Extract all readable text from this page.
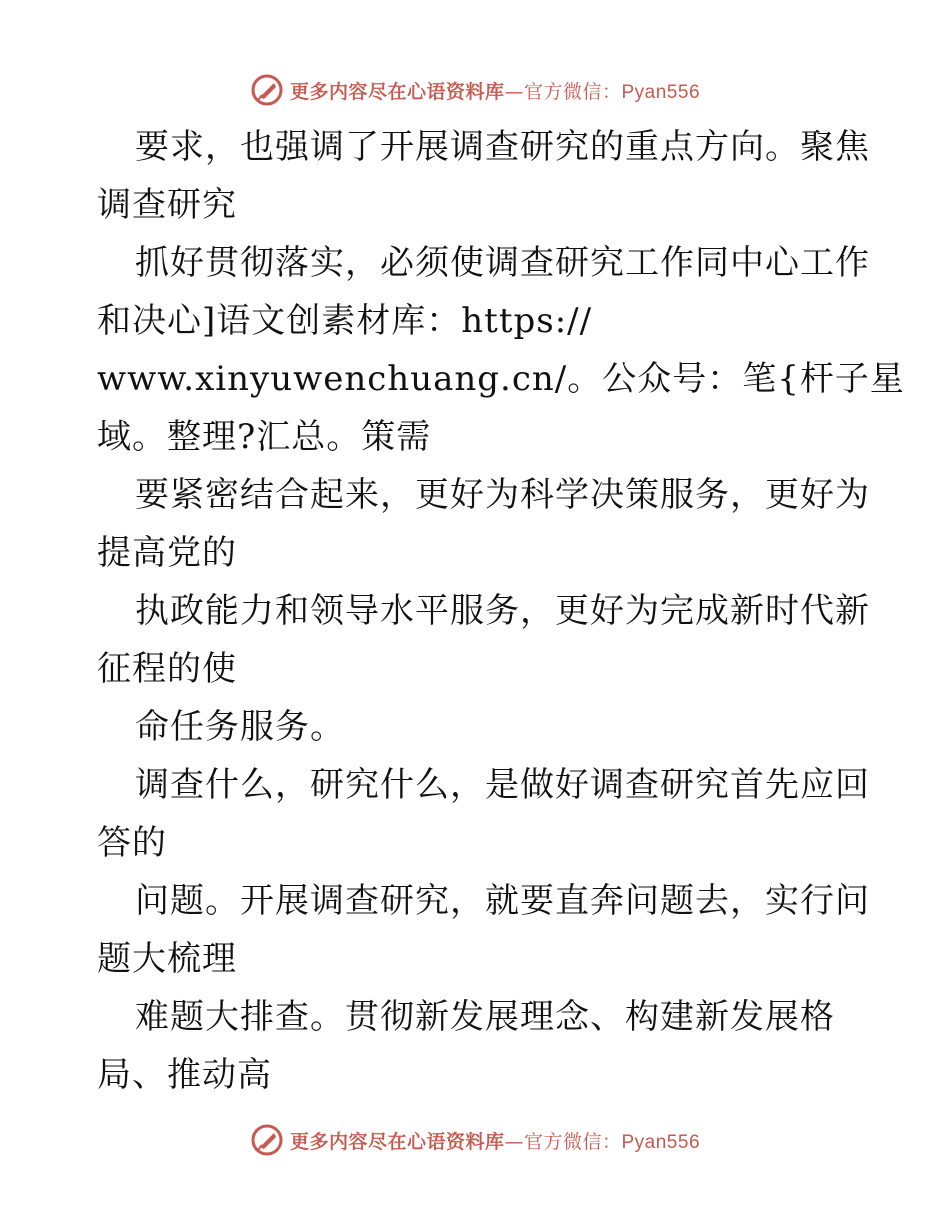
更多内容尽在心语资料库—官方微信：Pyan556
要求，也强调了开展调查研究的重点方向。聚焦
调查研究
抓好贯彻落实，必须使调查研究工作同中心工作
和决心]语文创素材库：https://
www.xinyuwenchuang.cn/。公众号：笔{杆子星
域。整理?汇总。策需
要紧密结合起来，更好为科学决策服务，更好为
提高党的
执政能力和领导水平服务，更好为完成新时代新
征程的使
命任务服务。
调查什么，研究什么，是做好调查研究首先应回
答的
问题。开展调查研究，就要直奔问题去，实行问
题大梳理
难题大排查。贯彻新发展理念、构建新发展格
局、推动高
更多内容尽在心语资料库—官方微信：Pyan556
